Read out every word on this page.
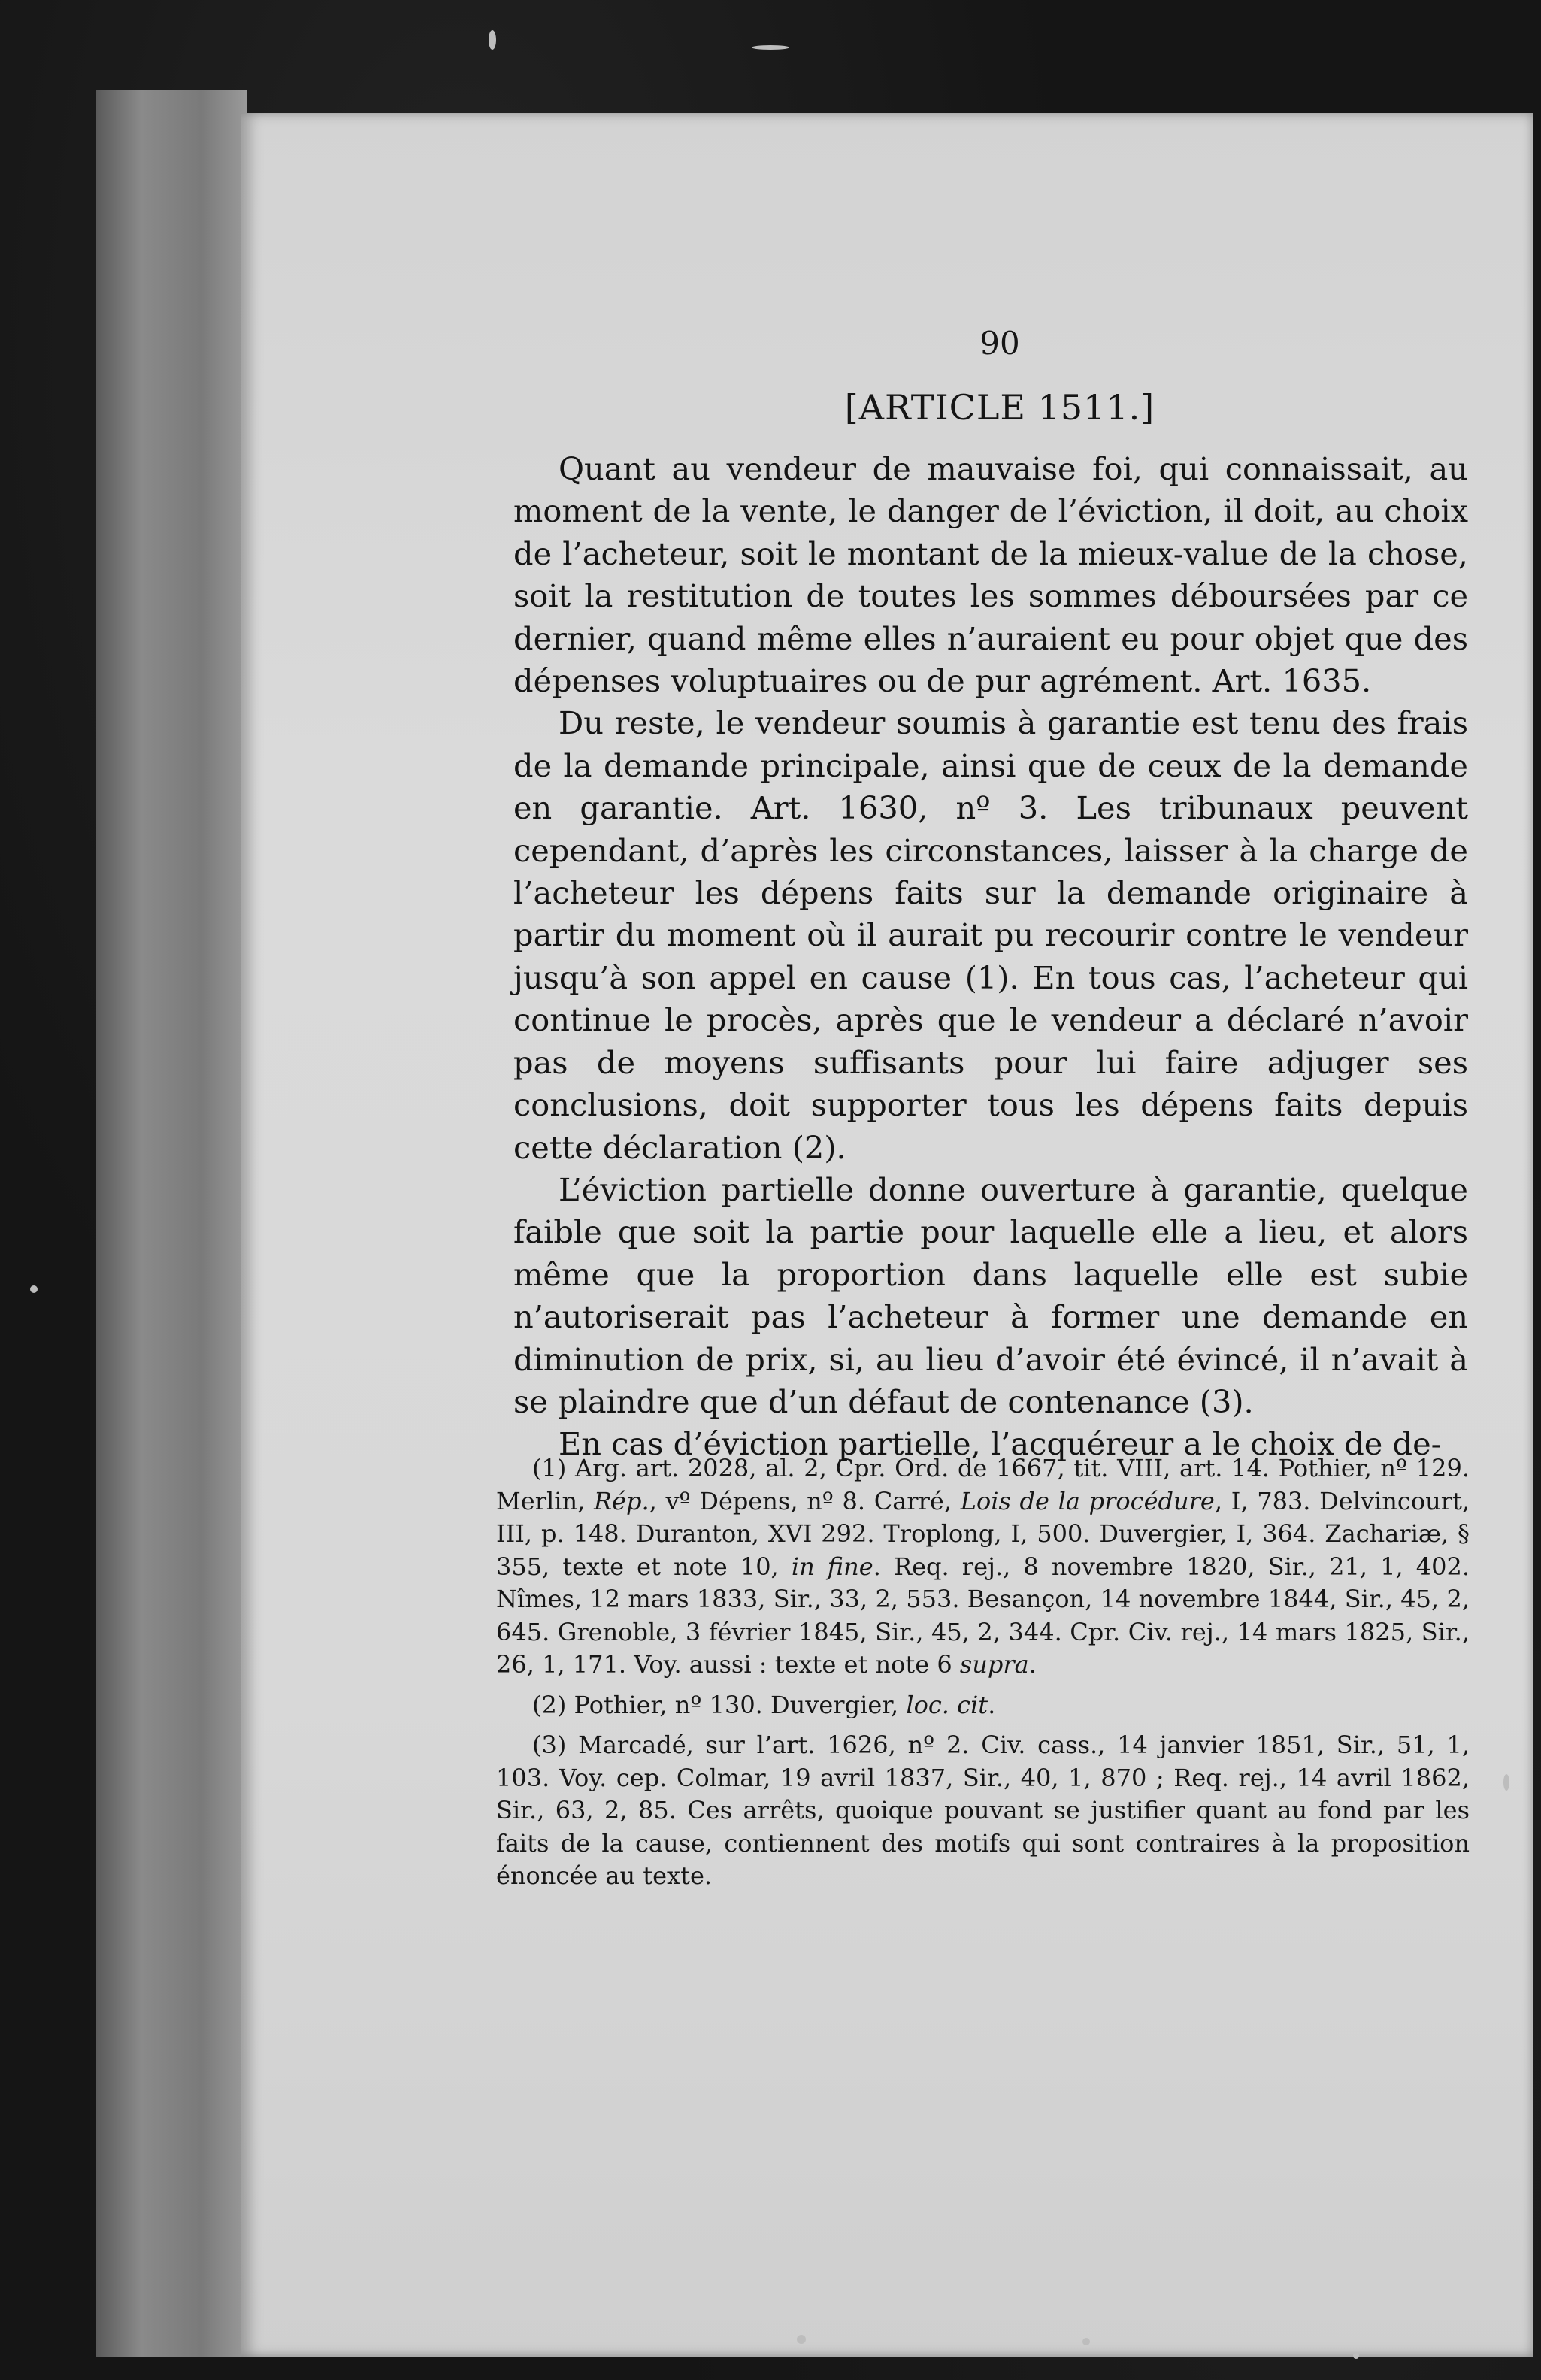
90
[ARTICLE 1511.]

Quant au vendeur de mauvaise foi, qui connaissait, au moment de la vente, le danger de l’éviction, il doit, au choix de l’acheteur, soit le montant de la mieux-value de la chose, soit la restitution de toutes les sommes déboursées par ce dernier, quand même elles n’auraient eu pour objet que des dépenses voluptuaires ou de pur agrément. Art. 1635.

Du reste, le vendeur soumis à garantie est tenu des frais de la demande principale, ainsi que de ceux de la demande en garantie. Art. 1630, nº 3. Les tribunaux peuvent cependant, d’après les circonstances, laisser à la charge de l’acheteur les dépens faits sur la demande originaire à partir du moment où il aurait pu recourir contre le vendeur jusqu’à son appel en cause (1). En tous cas, l’acheteur qui continue le procès, après que le vendeur a déclaré n’avoir pas de moyens suffisants pour lui faire adjuger ses conclusions, doit supporter tous les dépens faits depuis cette déclaration (2).

L’éviction partielle donne ouverture à garantie, quelque faible que soit la partie pour laquelle elle a lieu, et alors même que la proportion dans laquelle elle est subie n’autoriserait pas l’acheteur à former une demande en diminution de prix, si, au lieu d’avoir été évincé, il n’avait à se plaindre que d’un défaut de contenance (3).

En cas d’éviction partielle, l’acquéreur a le choix de de-

(1) Arg. art. 2028, al. 2, Cpr. Ord. de 1667, tit. VIII, art. 14. Pothier, nº 129. Merlin, Rép., vº Dépens, nº 8. Carré, Lois de la procédure, I, 783. Delvincourt, III, p. 148. Duranton, XVI 292. Troplong, I, 500. Duvergier, I, 364. Zachariæ, § 355, texte et note 10, in fine. Req. rej., 8 novembre 1820, Sir., 21, 1, 402. Nîmes, 12 mars 1833, Sir., 33, 2, 553. Besançon, 14 novembre 1844, Sir., 45, 2, 645. Grenoble, 3 février 1845, Sir., 45, 2, 344. Cpr. Civ. rej., 14 mars 1825, Sir., 26, 1, 171. Voy. aussi : texte et note 6 supra.

(2) Pothier, nº 130. Duvergier, loc. cit.

(3) Marcadé, sur l’art. 1626, nº 2. Civ. cass., 14 janvier 1851, Sir., 51, 1, 103. Voy. cep. Colmar, 19 avril 1837, Sir., 40, 1, 870 ; Req. rej., 14 avril 1862, Sir., 63, 2, 85. Ces arrêts, quoique pouvant se justifier quant au fond par les faits de la cause, contiennent des motifs qui sont contraires à la proposition énoncée au texte.
